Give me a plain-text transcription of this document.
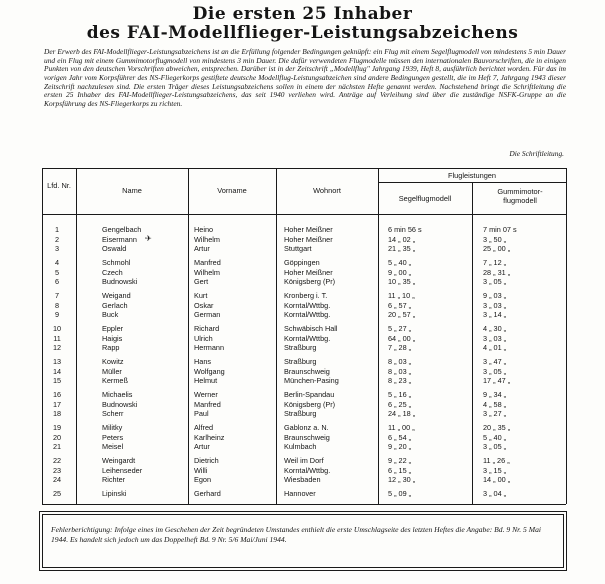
Die ersten 25 Inhaber
des FAI-Modellflieger-Leistungsabzeichens
Der Erwerb des FAI-Modellflieger-Leistungsabzeichens ist an die Erfüllung folgender Bedingungen geknüpft: ein Flug mit einem Segelflugmodell von mindestens 5 min Dauer und ein Flug mit einem Gummimotorflugmodell von mindestens 3 min Dauer. Die dafür verwendeten Flugmodelle müssen den internationalen Bauvorschriften, die in einigen Punkten von den deutschen Vorschriften abweichen, entsprechen. Darüber ist in der Zeitschrift „Modellflug" Jahrgang 1939, Heft 8, ausführlich berichtet worden. Für das im vorigen Jahr vom Korpsführer des NS-Fliegerkorps gestiftete deutsche Modellflug-Leistungsabzeichen sind andere Bedingungen gestellt, die im Heft 7, Jahrgang 1943 dieser Zeitschrift nachzulesen sind. Die ersten Träger dieses Leistungsabzeichens sollen in einem der nächsten Hefte genannt werden. Nachstehend bringt die Schriftleitung die ersten 25 Inhaber des FAI-Modellflieger-Leistungsabzeichens, das seit 1940 verliehen wird. Anträge auf Verleihung sind über die zuständige NSFK-Gruppe an die Korpsführung des NS-Fliegerkorps zu richten.
Die Schriftleitung.
Lfd. Nr.
Name	Vorname	Wohnort
Flugleistungen
Segelflugmodell
Gummimotor-flugmodell
1	Gengelbach	Heino	Hoher Meißner	6 min 56 s	7 min 07 s
2	Eisermann	Wilhelm	Hoher Meißner	14 „ 02 „	3 „ 50 „
✈
3	Oswald	Artur	Stuttgart	21 „ 35 „	25 „ 00 „
4	Schmohl	Manfred	Göppingen	5 „ 40 „	7 „ 12 „
5	Czech	Wilhelm	Hoher Meißner	9 „ 00 „	28 „ 31 „
6	Budnowski	Gert	Königsberg (Pr)	10 „ 35 „	3 „ 05 „
7	Weigand	Kurt	Kronberg i. T.	11 „ 10 „	9 „ 03 „
8	Gerlach	Oskar	Korntal/Wttbg.	6 „ 57 „	3 „ 03 „
9	Buck	German	Korntal/Wttbg.	20 „ 57 „	3 „ 14 „
10	Eppler	Richard	Schwäbisch Hall	5 „ 27 „	4 „ 30 „
11	Haigis	Ulrich	Korntal/Wttbg.	64 „ 00 „	3 „ 03 „
12	Rapp	Hermann	Straßburg	7 „ 28 „	4 „ 01 „
13	Kowitz	Hans	Straßburg	8 „ 03 „	3 „ 47 „
14	Müller	Wolfgang	Braunschweig	8 „ 03 „	3 „ 05 „
15	Kermeß	Helmut	München-Pasing	8 „ 23 „	17 „ 47 „
16	Michaelis	Werner	Berlin-Spandau	5 „ 16 „	9 „ 34 „
17	Budnowski	Manfred	Königsberg (Pr)	6 „ 25 „	4 „ 58 „
18	Scherr	Paul	Straßburg	24 „ 18 „	3 „ 27 „
19	Militky	Alfred	Gablonz a. N.	11 „ 00 „	20 „ 35 „
20	Peters	Karlheinz	Braunschweig	6 „ 54 „	5 „ 40 „
21	Meisel	Artur	Kulmbach	9 „ 20 „	3 „ 05 „
22	Weingardt	Dietrich	Weil im Dorf	9 „ 22 „	11 „ 26 „
23	Leihenseder	Willi	Korntal/Wttbg.	6 „ 15 „	3 „ 15 „
24	Richter	Egon	Wiesbaden	12 „ 30 „	14 „ 00 „
25	Lipinski	Gerhard	Hannover	5 „ 09 „	3 „ 04 „
Fehlerberichtigung: Infolge eines im Geschehen der Zeit begründeten Umstandes enthielt die erste Umschlagseite des letzten Heftes die Angabe: Bd. 9 Nr. 5 Mai 1944. Es handelt sich jedoch um das Doppelheft Bd. 9 Nr. 5/6 Mai/Juni 1944.
